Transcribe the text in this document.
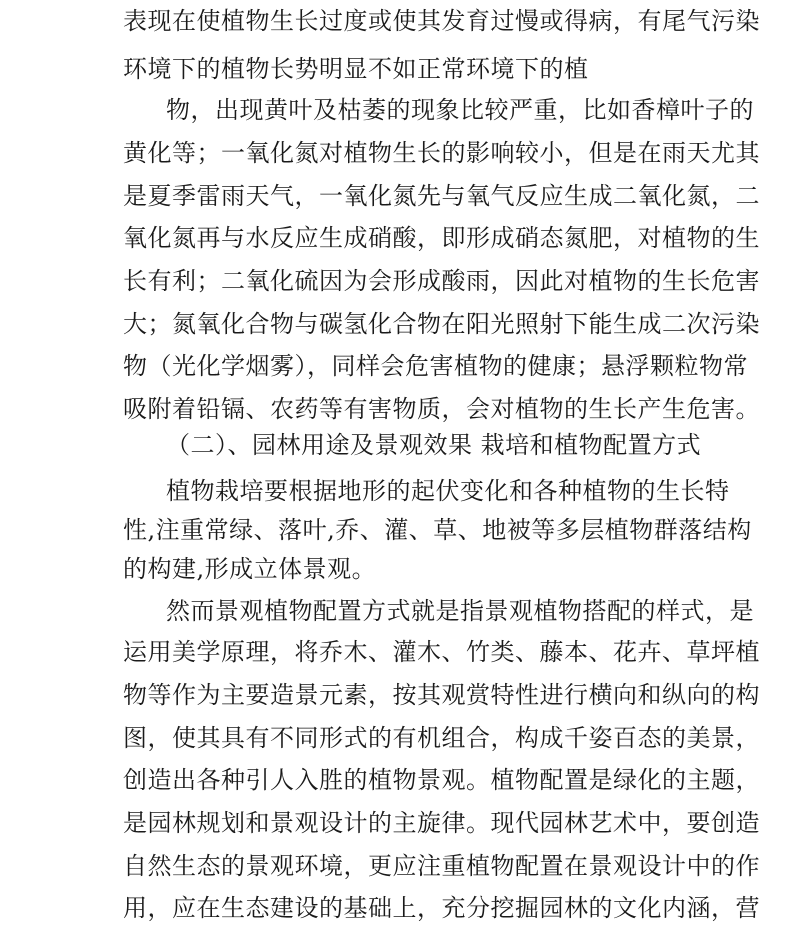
表现在使植物生长过度或使其发育过慢或得病，有尾气污染
环境下的植物长势明显不如正常环境下的植
物，出现黄叶及枯萎的现象比较严重，比如香樟叶子的
黄化等；一氧化氮对植物生长的影响较小，但是在雨天尤其
是夏季雷雨天气，一氧化氮先与氧气反应生成二氧化氮，二
氧化氮再与水反应生成硝酸，即形成硝态氮肥，对植物的生
长有利；二氧化硫因为会形成酸雨，因此对植物的生长危害
大；氮氧化合物与碳氢化合物在阳光照射下能生成二次污染
物（光化学烟雾），同样会危害植物的健康；悬浮颗粒物常
吸附着铅镉、农药等有害物质，会对植物的生长产生危害。
（二）、园林用途及景观效果 栽培和植物配置方式
植物栽培要根据地形的起伏变化和各种植物的生长特
性,注重常绿、落叶,乔、灌、草、地被等多层植物群落结构
的构建,形成立体景观。
然而景观植物配置方式就是指景观植物搭配的样式，是
运用美学原理，将乔木、灌木、竹类、藤本、花卉、草坪植
物等作为主要造景元素，按其观赏特性进行横向和纵向的构
图，使其具有不同形式的有机组合，构成千姿百态的美景，
创造出各种引人入胜的植物景观。植物配置是绿化的主题，
是园林规划和景观设计的主旋律。现代园林艺术中，要创造
自然生态的景观环境，更应注重植物配置在景观设计中的作
用，应在生态建设的基础上，充分挖掘园林的文化内涵，营
